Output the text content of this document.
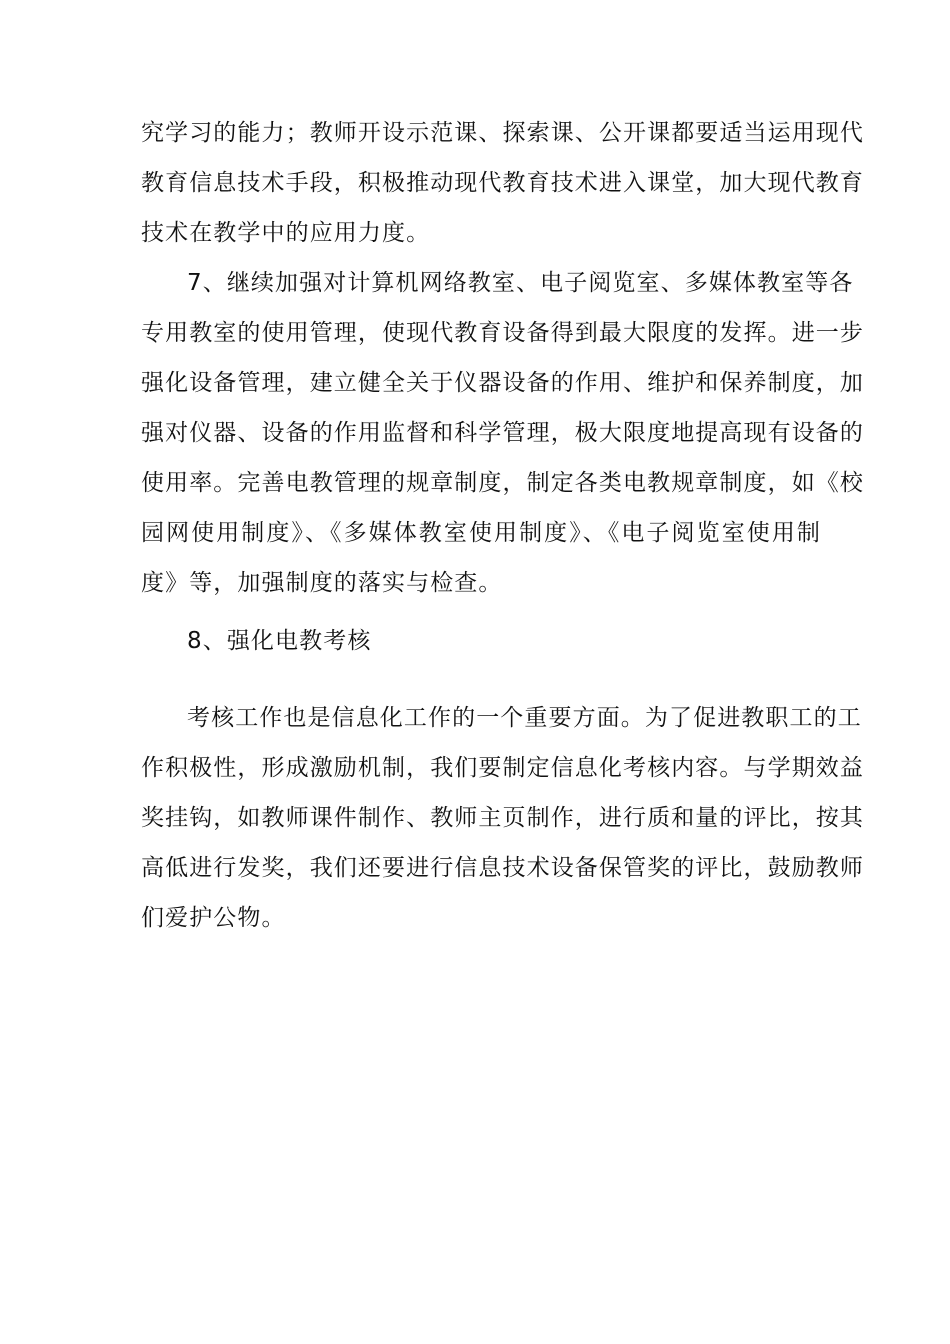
究学习的能力；教师开设示范课、探索课、公开课都要适当运用现代
教育信息技术手段，积极推动现代教育技术进入课堂，加大现代教育
技术在教学中的应用力度。
7、继续加强对计算机网络教室、电子阅览室、多媒体教室等各
专用教室的使用管理，使现代教育设备得到最大限度的发挥。进一步
强化设备管理，建立健全关于仪器设备的作用、维护和保养制度，加
强对仪器、设备的作用监督和科学管理，极大限度地提高现有设备的
使用率。完善电教管理的规章制度，制定各类电教规章制度，如《校
园网使用制度》、《多媒体教室使用制度》、《电子阅览室使用制
度》等，加强制度的落实与检查。
8、强化电教考核
考核工作也是信息化工作的一个重要方面。为了促进教职工的工
作积极性，形成激励机制，我们要制定信息化考核内容。与学期效益
奖挂钩，如教师课件制作、教师主页制作，进行质和量的评比，按其
高低进行发奖，我们还要进行信息技术设备保管奖的评比，鼓励教师
们爱护公物。
